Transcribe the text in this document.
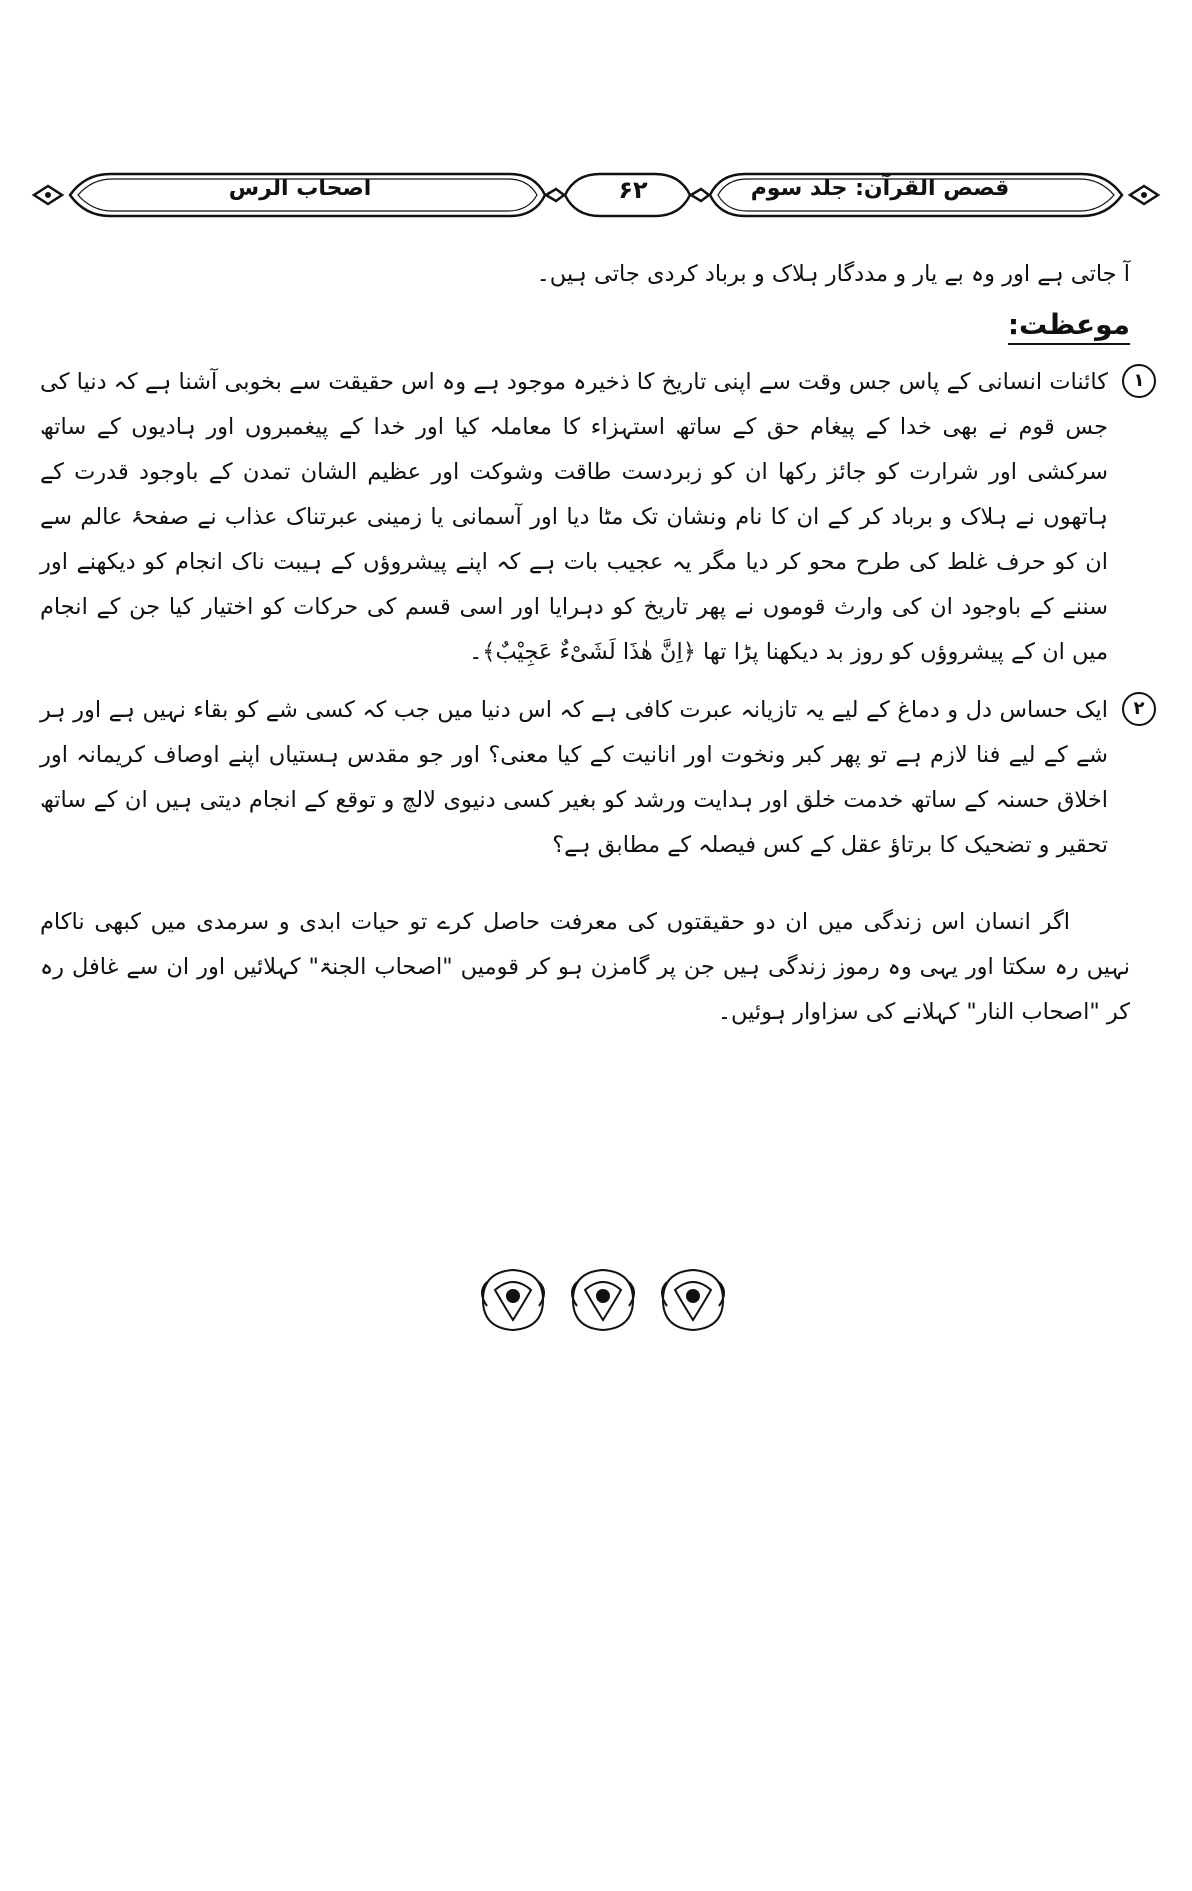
اصحاب الرس	۶۲	قصص القرآن: جلد سوم
آ جاتی ہے اور وہ بے یار و مددگار ہلاک و برباد کردی جاتی ہیں۔
موعظت:
۱
کائنات انسانی کے پاس جس وقت سے اپنی تاریخ کا ذخیرہ موجود ہے وہ اس حقیقت سے بخوبی آشنا ہے کہ دنیا کی جس قوم نے بھی خدا کے پیغام حق کے ساتھ استہزاء کا معاملہ کیا اور خدا کے پیغمبروں اور ہادیوں کے ساتھ سرکشی اور شرارت کو جائز رکھا ان کو زبردست طاقت وشوکت اور عظیم الشان تمدن کے باوجود قدرت کے ہاتھوں نے ہلاک و برباد کر کے ان کا نام ونشان تک مٹا دیا اور آسمانی یا زمینی عبرتناک عذاب نے صفحۂ عالم سے ان کو حرف غلط کی طرح محو کر دیا مگر یہ عجیب بات ہے کہ اپنے پیشروؤں کے ہیبت ناک انجام کو دیکھنے اور سننے کے باوجود ان کی وارث قوموں نے پھر تاریخ کو دہرایا اور اسی قسم کی حرکات کو اختیار کیا جن کے انجام میں ان کے پیشروؤں کو روز بد دیکھنا پڑا تھا ﴿اِنَّ ھٰذَا لَشَیْءٌ عَجِیْبٌ﴾۔
۲
ایک حساس دل و دماغ کے لیے یہ تازیانہ عبرت کافی ہے کہ اس دنیا میں جب کہ کسی شے کو بقاء نہیں ہے اور ہر شے کے لیے فنا لازم ہے تو پھر کبر ونخوت اور انانیت کے کیا معنی؟ اور جو مقدس ہستیاں اپنے اوصاف کریمانہ اور اخلاق حسنہ کے ساتھ خدمت خلق اور ہدایت ورشد کو بغیر کسی دنیوی لالچ و توقع کے انجام دیتی ہیں ان کے ساتھ تحقیر و تضحیک کا برتاؤ عقل کے کس فیصلہ کے مطابق ہے؟
اگر انسان اس زندگی میں ان دو حقیقتوں کی معرفت حاصل کرے تو حیات ابدی و سرمدی میں کبھی ناکام نہیں رہ سکتا اور یہی وہ رموز زندگی ہیں جن پر گامزن ہو کر قومیں "اصحاب الجنۃ" کہلائیں اور ان سے غافل رہ کر "اصحاب النار" کہلانے کی سزاوار ہوئیں۔
